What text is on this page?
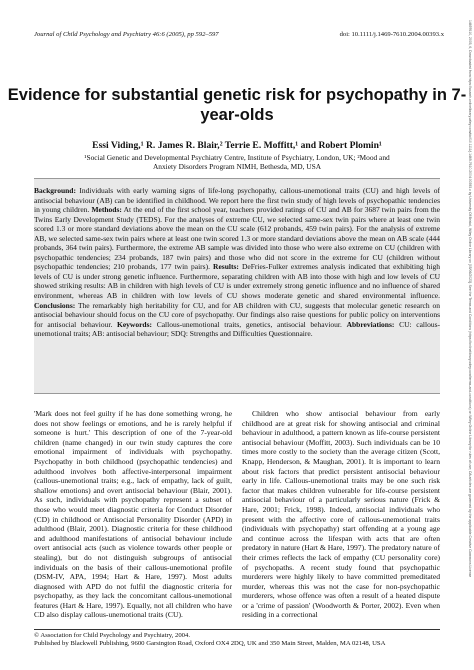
Journal of Child Psychology and Psychiatry 46:6 (2005), pp 592–597	doi: 10.1111/j.1469-7610.2004.00393.x	14697610, 2005, 6, Downloaded from https://acamh.onlinelibrary.wiley.com/doi/10.1111/j.1469-7610.2004.00393.x by University Of Bristol, Wiley Online Library on [05/06/2023]. See the Terms and Conditions (https://onlinelibrary.wiley.com/terms-and-conditions) on Wiley Online Library for rules of use; OA articles are governed by the applicable Creative Commons License
Evidence for substantial genetic risk for psychopathy in 7-year-olds
Essi Viding,¹ R. James R. Blair,² Terrie E. Moffitt,¹ and Robert Plomin¹
¹Social Genetic and Developmental Psychiatry Centre, Institute of Psychiatry, London, UK; ²Mood and Anxiety Disorders Program NIMH, Bethesda, MD, USA
Background: Individuals with early warning signs of life-long psychopathy, callous-unemotional traits (CU) and high levels of antisocial behaviour (AB) can be identified in childhood. We report here the first twin study of high levels of psychopathic tendencies in young children. Methods: At the end of the first school year, teachers provided ratings of CU and AB for 3687 twin pairs from the Twins Early Development Study (TEDS). For the analyses of extreme CU, we selected same-sex twin pairs where at least one twin scored 1.3 or more standard deviations above the mean on the CU scale (612 probands, 459 twin pairs). For the analysis of extreme AB, we selected same-sex twin pairs where at least one twin scored 1.3 or more standard deviations above the mean on AB scale (444 probands, 364 twin pairs). Furthermore, the extreme AB sample was divided into those who were also extreme on CU (children with psychopathic tendencies; 234 probands, 187 twin pairs) and those who did not score in the extreme for CU (children without psychopathic tendencies; 210 probands, 177 twin pairs). Results: DeFries-Fulker extremes analysis indicated that exhibiting high levels of CU is under strong genetic influence. Furthermore, separating children with AB into those with high and low levels of CU showed striking results: AB in children with high levels of CU is under extremely strong genetic influence and no influence of shared environment, whereas AB in children with low levels of CU shows moderate genetic and shared environmental influence. Conclusions: The remarkably high heritability for CU, and for AB children with CU, suggests that molecular genetic research on antisocial behaviour should focus on the CU core of psychopathy. Our findings also raise questions for public policy on interventions for antisocial behaviour. Keywords: Callous-unemotional traits, genetics, antisocial behaviour. Abbreviations: CU: callous-unemotional traits; AB: antisocial behaviour; SDQ: Strengths and Difficulties Questionnaire.

'Mark does not feel guilty if he has done something wrong, he does not show feelings or emotions, and he is rarely helpful if someone is hurt.' This description of one of the 7-year-old children (name changed) in our twin study captures the core emotional impairment of individuals with psychopathy. Psychopathy in both childhood (psychopathic tendencies) and adulthood involves both affective-interpersonal impairment (callous-unemotional traits; e.g., lack of empathy, lack of guilt, shallow emotions) and overt antisocial behaviour (Blair, 2001). As such, individuals with psychopathy represent a subset of those who would meet diagnostic criteria for Conduct Disorder (CD) in childhood or Antisocial Personality Disorder (APD) in adulthood (Blair, 2001). Diagnostic criteria for these childhood and adulthood manifestations of antisocial behaviour include overt antisocial acts (such as violence towards other people or stealing), but do not distinguish subgroups of antisocial individuals on the basis of their callous-unemotional profile (DSM-IV, APA, 1994; Hart & Hare, 1997). Most adults diagnosed with APD do not fulfil the diagnostic criteria for psychopathy, as they lack the concomitant callous-unemotional features (Hart & Hare, 1997). Equally, not all children who have CD also display callous-unemotional traits (CU).

Children who show antisocial behaviour from early childhood are at great risk for showing antisocial and criminal behaviour in adulthood, a pattern known as life-course persistent antisocial behaviour (Moffitt, 2003). Such individuals can be 10 times more costly to the society than the average citizen (Scott, Knapp, Henderson, & Maughan, 2001). It is important to learn about risk factors that predict persistent antisocial behaviour early in life. Callous-unemotional traits may be one such risk factor that makes children vulnerable for life-course persistent antisocial behaviour of a particularly serious nature (Frick & Hare, 2001; Frick, 1998). Indeed, antisocial individuals who present with the affective core of callous-unemotional traits (individuals with psychopathy) start offending at a young age and continue across the lifespan with acts that are often predatory in nature (Hart & Hare, 1997). The predatory nature of their crimes reflects the lack of empathy (CU personality core) of psychopaths. A recent study found that psychopathic murderers were highly likely to have committed premeditated murder, whereas this was not the case for non-psychopathic murderers, whose offence was often a result of a heated dispute or a 'crime of passion' (Woodworth & Porter, 2002). Even when residing in a correctional

© Association for Child Psychology and Psychiatry, 2004.
Published by Blackwell Publishing, 9600 Garsington Road, Oxford OX4 2DQ, UK and 350 Main Street, Malden, MA 02148, USA
